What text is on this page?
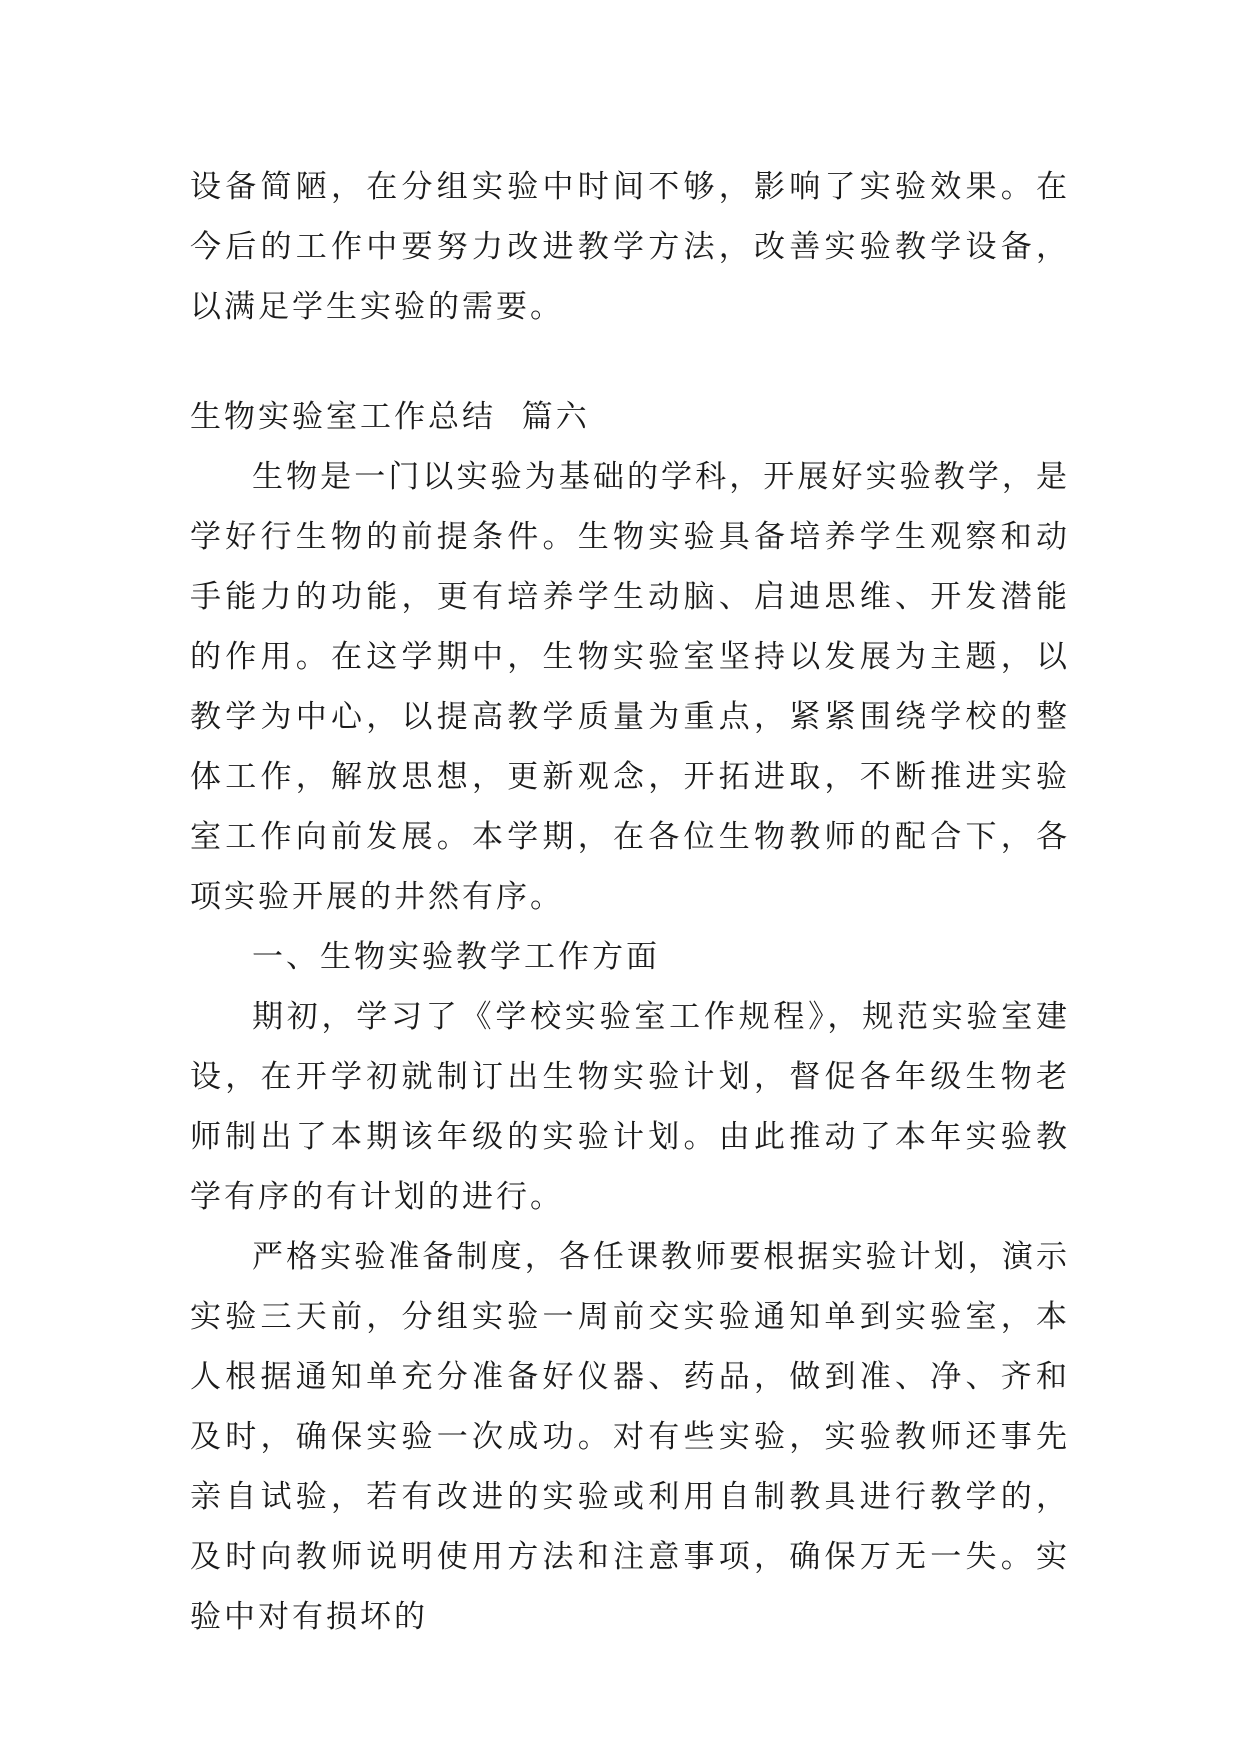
设备简陋，在分组实验中时间不够，影响了实验效果。在今后的工作中要努力改进教学方法，改善实验教学设备，以满足学生实验的需要。

生物实验室工作总结  篇六

生物是一门以实验为基础的学科，开展好实验教学，是学好行生物的前提条件。生物实验具备培养学生观察和动手能力的功能，更有培养学生动脑、启迪思维、开发潜能的作用。在这学期中，生物实验室坚持以发展为主题，以教学为中心，以提高教学质量为重点，紧紧围绕学校的整体工作，解放思想，更新观念，开拓进取，不断推进实验室工作向前发展。本学期，在各位生物教师的配合下，各项实验开展的井然有序。

一、生物实验教学工作方面

期初，学习了《学校实验室工作规程》，规范实验室建设，在开学初就制订出生物实验计划，督促各年级生物老师制出了本期该年级的实验计划。由此推动了本年实验教学有序的有计划的进行。

严格实验准备制度，各任课教师要根据实验计划，演示实验三天前，分组实验一周前交实验通知单到实验室，本人根据通知单充分准备好仪器、药品，做到准、净、齐和及时，确保实验一次成功。对有些实验，实验教师还事先亲自试验，若有改进的实验或利用自制教具进行教学的，及时向教师说明使用方法和注意事项，确保万无一失。实验中对有损坏的
